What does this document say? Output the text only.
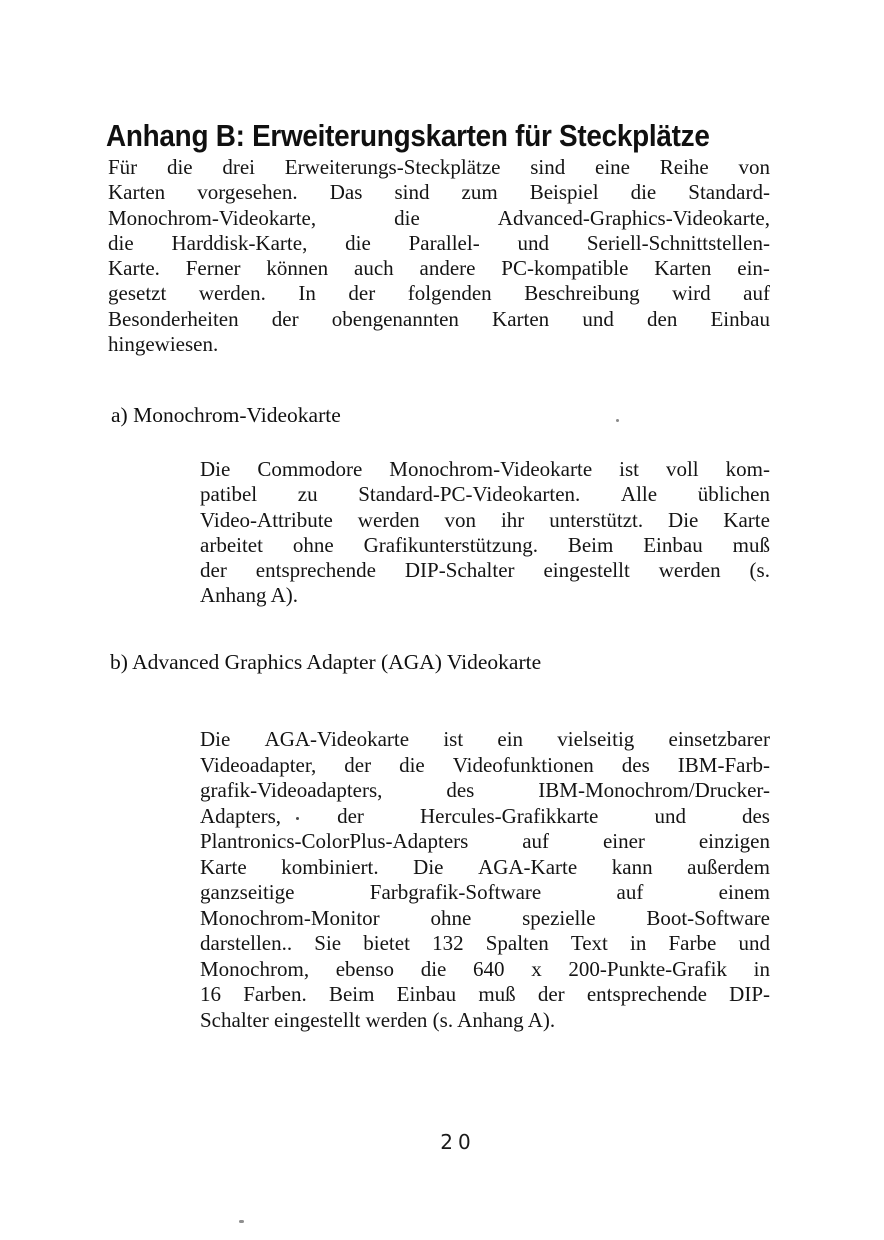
Anhang B: Erweiterungskarten für Steckplätze
Für die drei Erweiterungs-Steckplätze sind eine Reihe von
Karten vorgesehen. Das sind zum Beispiel die Standard-
Monochrom-Videokarte,	die	Advanced-Graphics-Videokarte,
die Harddisk-Karte, die Parallel- und Seriell-Schnittstellen-
Karte. Ferner können auch andere PC-kompatible Karten ein-
gesetzt werden. In der folgenden Beschreibung wird auf
Besonderheiten der obengenannten Karten und den Einbau
hingewiesen.
a) Monochrom-Videokarte
Die Commodore Monochrom-Videokarte ist voll kom-
patibel zu Standard-PC-Videokarten. Alle üblichen
Video-Attribute werden von ihr unterstützt. Die Karte
arbeitet ohne Grafikunterstützung. Beim Einbau muß
der entsprechende DIP-Schalter eingestellt werden (s.
Anhang A).
b) Advanced Graphics Adapter (AGA) Videokarte
Die AGA-Videokarte ist ein vielseitig einsetzbarer
Videoadapter, der die Videofunktionen des IBM-Farb-
grafik-Videoadapters,	des	IBM-Monochrom/Drucker-
Adapters,	der	Hercules-Grafikkarte	und	des
Plantronics-ColorPlus-Adapters	auf	einer	einzigen
Karte kombiniert. Die AGA-Karte kann außerdem
ganzseitige	Farbgrafik-Software	auf	einem
Monochrom-Monitor ohne spezielle Boot-Software
darstellen.. Sie bietet 132 Spalten Text in Farbe und
Monochrom, ebenso die 640 x 200-Punkte-Grafik in
16 Farben. Beim Einbau muß der entsprechende DIP-
Schalter eingestellt werden (s. Anhang A).
20
